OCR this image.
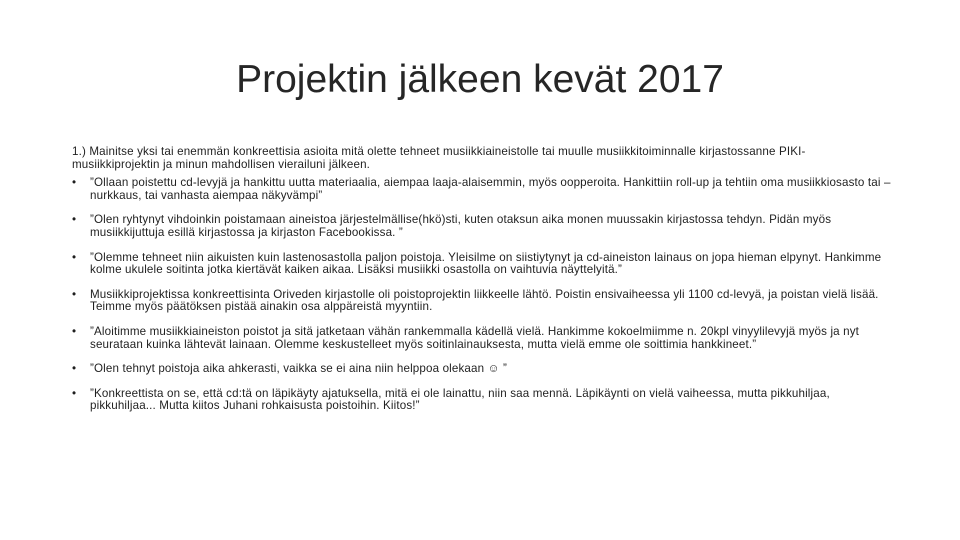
Projektin jälkeen kevät 2017

1.) Mainitse yksi tai enemmän konkreettisia asioita mitä olette tehneet musiikkiaineistolle tai muulle musiikkitoiminnalle kirjastossanne PIKI-musiikkiprojektin ja minun mahdollisen vierailuni jälkeen.

• ”Ollaan poistettu cd-levyjä ja hankittu uutta materiaalia, aiempaa laaja-alaisemmin, myös oopperoita. Hankittiin roll-up ja tehtiin oma musiikkiosasto tai –nurkkaus, tai vanhasta aiempaa näkyvämpi”
• ”Olen ryhtynyt vihdoinkin poistamaan aineistoa järjestelmällise(hkö)sti, kuten otaksun aika monen muussakin kirjastossa tehdyn. Pidän myös musiikkijuttuja esillä kirjastossa ja kirjaston Facebookissa. ”
• ”Olemme tehneet niin aikuisten kuin lastenosastolla paljon poistoja. Yleisilme on siistiytynyt ja cd-aineiston lainaus on jopa hieman elpynyt. Hankimme kolme ukulele soitinta jotka kiertävät kaiken aikaa. Lisäksi musiikki osastolla on vaihtuvia näyttelyitä.”
• Musiikkiprojektissa konkreettisinta Oriveden kirjastolle oli poistoprojektin liikkeelle lähtö. Poistin ensivaiheessa yli 1100 cd-levyä, ja poistan vielä lisää. Teimme myös päätöksen pistää ainakin osa alppäreistä myyntiin.
• ”Aloitimme musiikkiaineiston poistot ja sitä jatketaan vähän rankemmalla kädellä vielä. Hankimme kokoelmiimme n. 20kpl vinyylilevyjä myös ja nyt seurataan kuinka lähtevät lainaan. Olemme keskustelleet myös soitinlainauksesta, mutta vielä emme ole soittimia hankkineet.”
• ”Olen tehnyt poistoja aika ahkerasti, vaikka se ei aina niin helppoa olekaan ☺ ”
• ”Konkreettista on se, että cd:tä on läpikäyty ajatuksella, mitä ei ole lainattu, niin saa mennä. Läpikäynti on vielä vaiheessa, mutta pikkuhiljaa, pikkuhiljaa... Mutta kiitos Juhani rohkaisusta poistoihin. Kiitos!”
